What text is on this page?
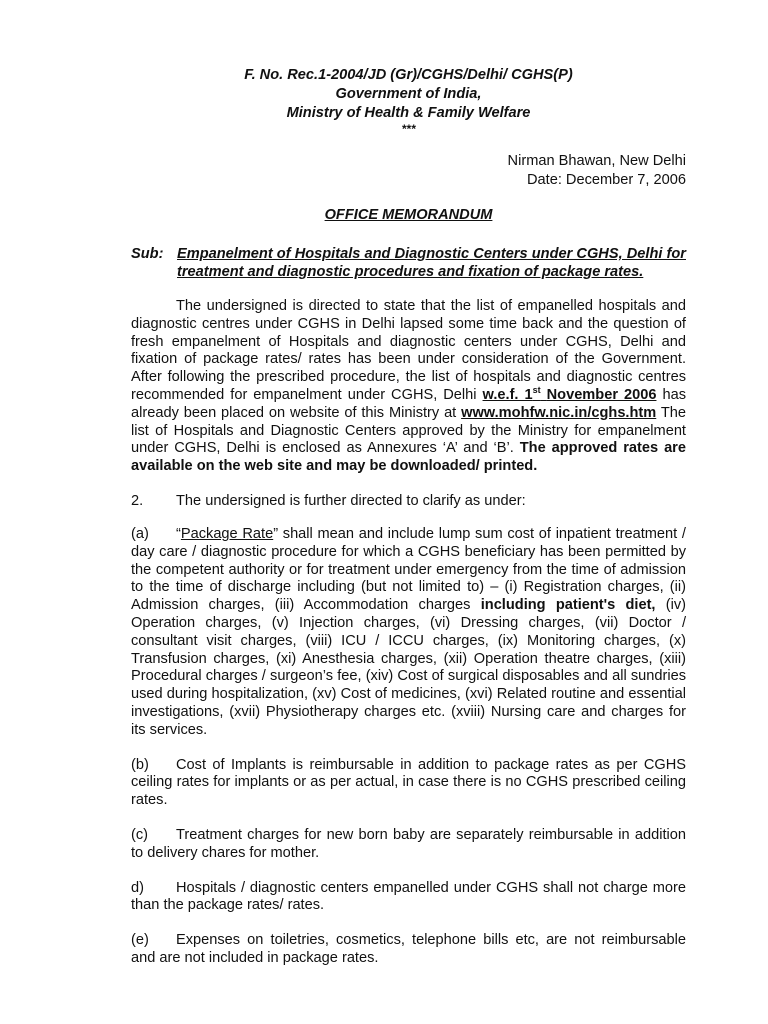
F. No. Rec.1-2004/JD (Gr)/CGHS/Delhi/ CGHS(P)
Government of India,
Ministry of Health & Family Welfare
***
Nirman Bhawan, New Delhi
Date: December 7, 2006
OFFICE MEMORANDUM
Sub: Empanelment of Hospitals and Diagnostic Centers under CGHS, Delhi for treatment and diagnostic procedures and fixation of package rates.

The undersigned is directed to state that the list of empanelled hospitals and diagnostic centres under CGHS in Delhi lapsed some time back and the question of fresh empanelment of Hospitals and diagnostic centers under CGHS, Delhi and fixation of package rates/ rates has been under consideration of the Government. After following the prescribed procedure, the list of hospitals and diagnostic centres recommended for empanelment under CGHS, Delhi w.e.f. 1st November 2006 has already been placed on website of this Ministry at www.mohfw.nic.in/cghs.htm The list of Hospitals and Diagnostic Centers approved by the Ministry for empanelment under CGHS, Delhi is enclosed as Annexures ‘A’ and ‘B’. The approved rates are available on the web site and may be downloaded/ printed.

2.	The undersigned is further directed to clarify as under:

(a) “Package Rate” shall mean and include lump sum cost of inpatient treatment / day care / diagnostic procedure for which a CGHS beneficiary has been permitted by the competent authority or for treatment under emergency from the time of admission to the time of discharge including (but not limited to) – (i) Registration charges, (ii) Admission charges, (iii) Accommodation charges including patient's diet, (iv) Operation charges, (v) Injection charges, (vi) Dressing charges, (vii) Doctor / consultant visit charges, (viii) ICU / ICCU charges, (ix) Monitoring charges, (x) Transfusion charges, (xi) Anesthesia charges, (xii) Operation theatre charges, (xiii) Procedural charges / surgeon’s fee, (xiv) Cost of surgical disposables and all sundries used during hospitalization, (xv) Cost of medicines, (xvi) Related routine and essential investigations, (xvii) Physiotherapy charges etc. (xviii) Nursing care and charges for its services.

(b) Cost of Implants is reimbursable in addition to package rates as per CGHS ceiling rates for implants or as per actual, in case there is no CGHS prescribed ceiling rates.

(c) Treatment charges for new born baby are separately reimbursable in addition to delivery chares for mother.

d) Hospitals / diagnostic centers empanelled under CGHS shall not charge more than the package rates/ rates.

(e) Expenses on toiletries, cosmetics, telephone bills etc, are not reimbursable and are not included in package rates.
